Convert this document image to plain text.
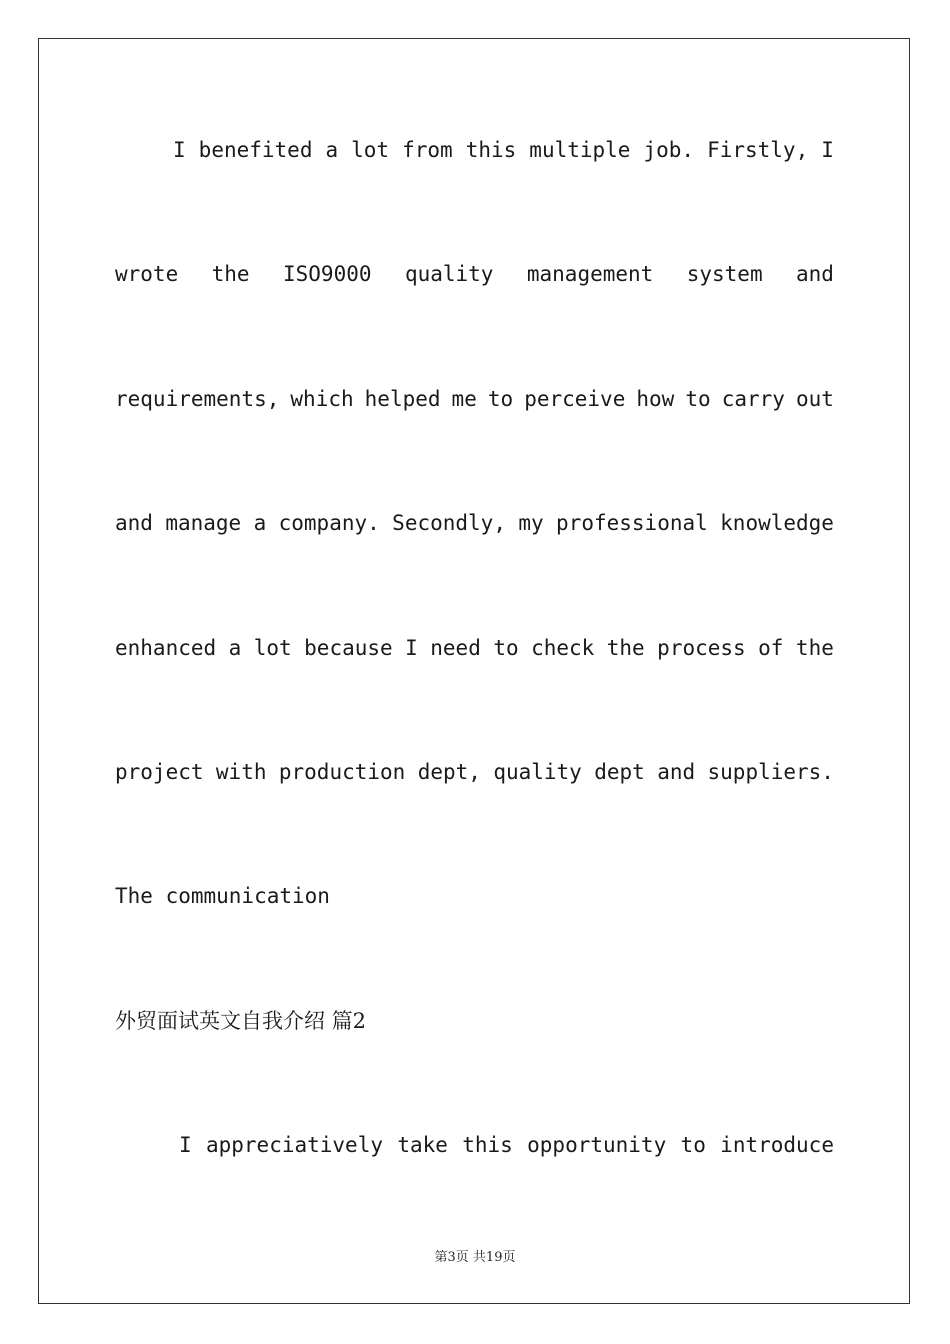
I benefited a lot from this multiple job. Firstly, I
wrote the ISO9000 quality management system and
requirements, which helped me to perceive how to carry out
and manage a company. Secondly, my professional knowledge
enhanced a lot because I need to check the process of the
project with production dept, quality dept and suppliers.
The communication
外贸面试英文自我介绍 篇2
I appreciatively take this opportunity to introduce
第3页 共19页
